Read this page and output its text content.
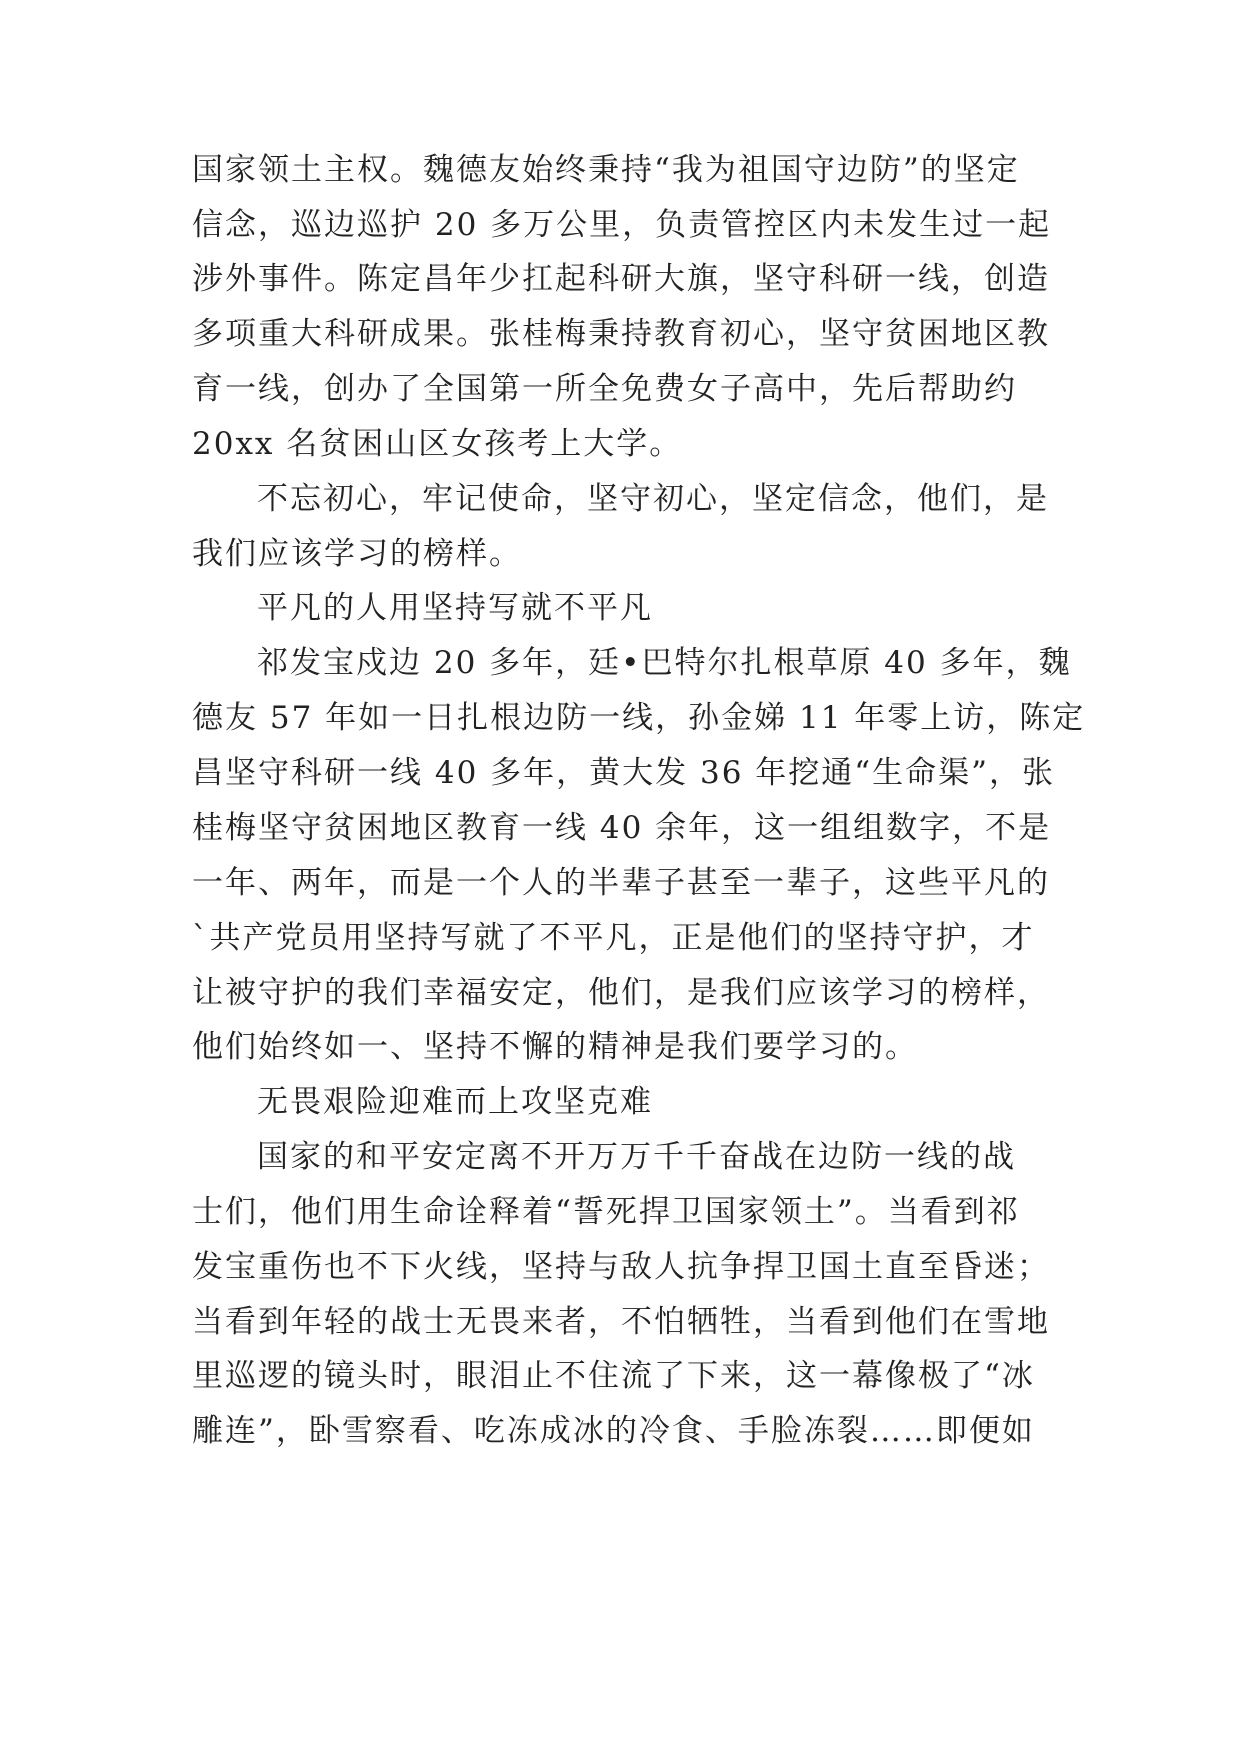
国家领土主权。魏德友始终秉持“我为祖国守边防”的坚定
信念，巡边巡护 20 多万公里，负责管控区内未发生过一起
涉外事件。陈定昌年少扛起科研大旗，坚守科研一线，创造
多项重大科研成果。张桂梅秉持教育初心，坚守贫困地区教
育一线，创办了全国第一所全免费女子高中，先后帮助约
20xx 名贫困山区女孩考上大学。
不忘初心，牢记使命，坚守初心，坚定信念，他们，是
我们应该学习的榜样。
平凡的人用坚持写就不平凡
祁发宝戍边 20 多年，廷•巴特尔扎根草原 40 多年，魏
德友 57 年如一日扎根边防一线，孙金娣 11 年零上访，陈定
昌坚守科研一线 40 多年，黄大发 36 年挖通“生命渠”，张
桂梅坚守贫困地区教育一线 40 余年，这一组组数字，不是
一年、两年，而是一个人的半辈子甚至一辈子，这些平凡的
`共产党员用坚持写就了不平凡，正是他们的坚持守护，才
让被守护的我们幸福安定，他们，是我们应该学习的榜样，
他们始终如一、坚持不懈的精神是我们要学习的。
无畏艰险迎难而上攻坚克难
国家的和平安定离不开万万千千奋战在边防一线的战
士们，他们用生命诠释着“誓死捍卫国家领土”。当看到祁
发宝重伤也不下火线，坚持与敌人抗争捍卫国土直至昏迷；
当看到年轻的战士无畏来者，不怕牺牲，当看到他们在雪地
里巡逻的镜头时，眼泪止不住流了下来，这一幕像极了“冰
雕连”，卧雪察看、吃冻成冰的冷食、手脸冻裂……即便如
